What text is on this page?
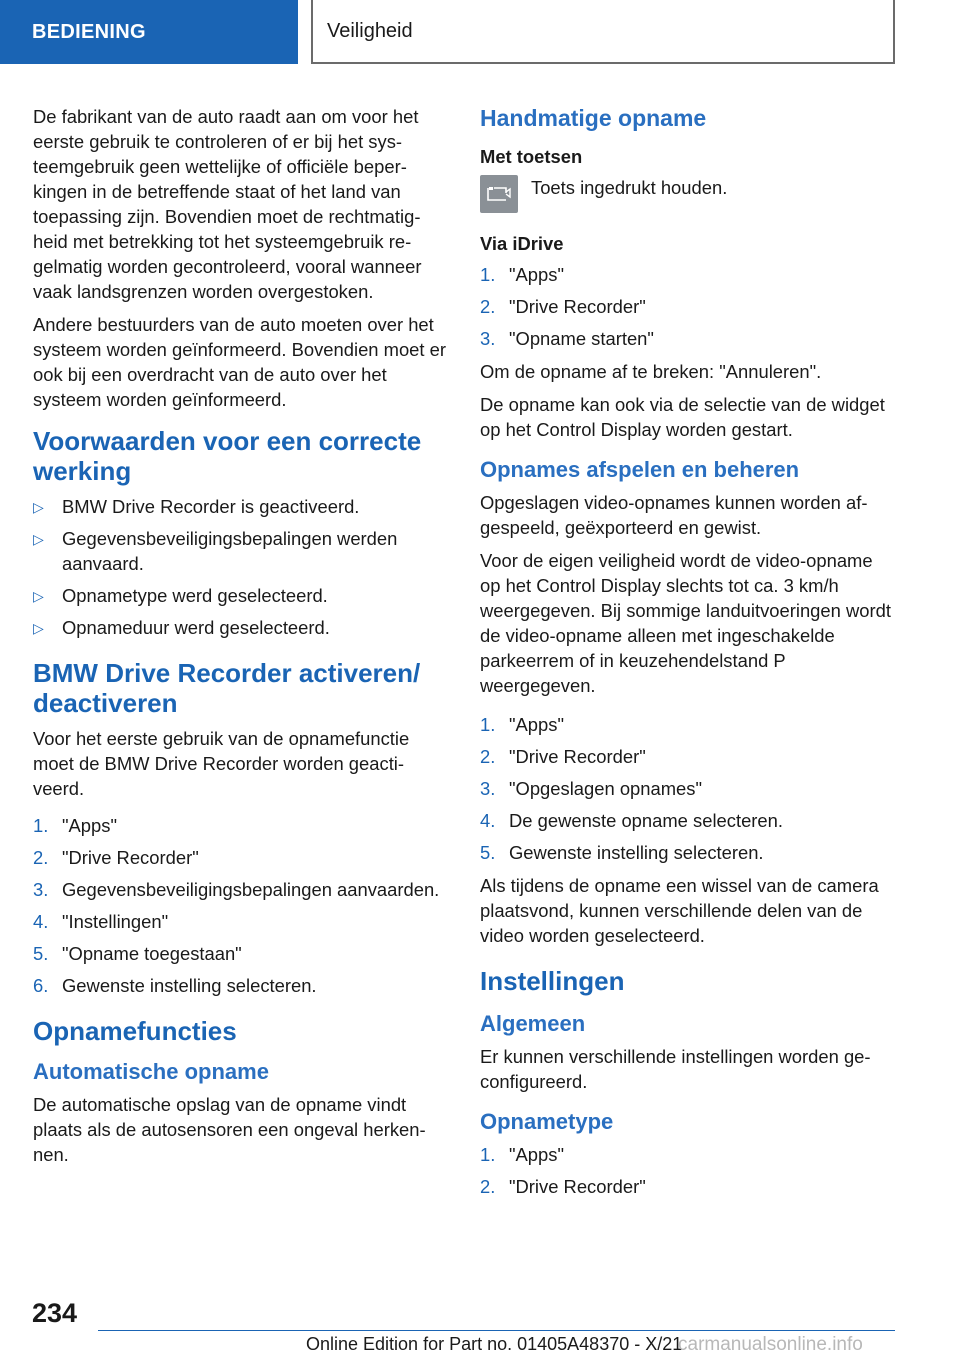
BEDIENING	Veiligheid

De fabrikant van de auto raadt aan om voor het eerste gebruik te controleren of er bij het systeemgebruik geen wettelijke of officiële beperkingen in de betreffende staat of het land van toepassing zijn. Bovendien moet de rechtmatigheid met betrekking tot het systeemgebruik regelmatig worden gecontroleerd, vooral wanneer vaak landsgrenzen worden overgestoken.

Andere bestuurders van de auto moeten over het systeem worden geïnformeerd. Bovendien moet er ook bij een overdracht van de auto over het systeem worden geïnformeerd.

Voorwaarden voor een correcte werking
▷ BMW Drive Recorder is geactiveerd.
▷ Gegevensbeveiligingsbepalingen werden aanvaard.
▷ Opnametype werd geselecteerd.
▷ Opnameduur werd geselecteerd.
BMW Drive Recorder activeren/ deactiveren

Voor het eerste gebruik van de opnamefunctie moet de BMW Drive Recorder worden geactiveerd.

1. "Apps"
2. "Drive Recorder"
3. Gegevensbeveiligingsbepalingen aanvaarden.
4. "Instellingen"
5. "Opname toegestaan"
6. Gewenste instelling selecteren.
Opnamefuncties
Automatische opname

De automatische opslag van de opname vindt plaats als de autosensoren een ongeval herkennen.

Handmatige opname
Met toetsen
Toets ingedrukt houden.
Via iDrive
1. "Apps"
2. "Drive Recorder"
3. "Opname starten"

Om de opname af te breken: "Annuleren".

De opname kan ook via de selectie van de widget op het Control Display worden gestart.

Opnames afspelen en beheren

Opgeslagen video-opnames kunnen worden afgespeeld, geëxporteerd en gewist.

Voor de eigen veiligheid wordt de video-opname op het Control Display slechts tot ca. 3 km/h weergegeven. Bij sommige landuitvoeringen wordt de video-opname alleen met ingeschakelde parkeerrem of in keuzehendelstand P weergegeven.

1. "Apps"
2. "Drive Recorder"
3. "Opgeslagen opnames"
4. De gewenste opname selecteren.
5. Gewenste instelling selecteren.

Als tijdens de opname een wissel van de camera plaatsvond, kunnen verschillende delen van de video worden geselecteerd.

Instellingen
Algemeen

Er kunnen verschillende instellingen worden geconfigureerd.

Opnametype
1. "Apps"
2. "Drive Recorder"
234
Online Edition for Part no. 01405A48370 - X/21
carmanualsonline.info
